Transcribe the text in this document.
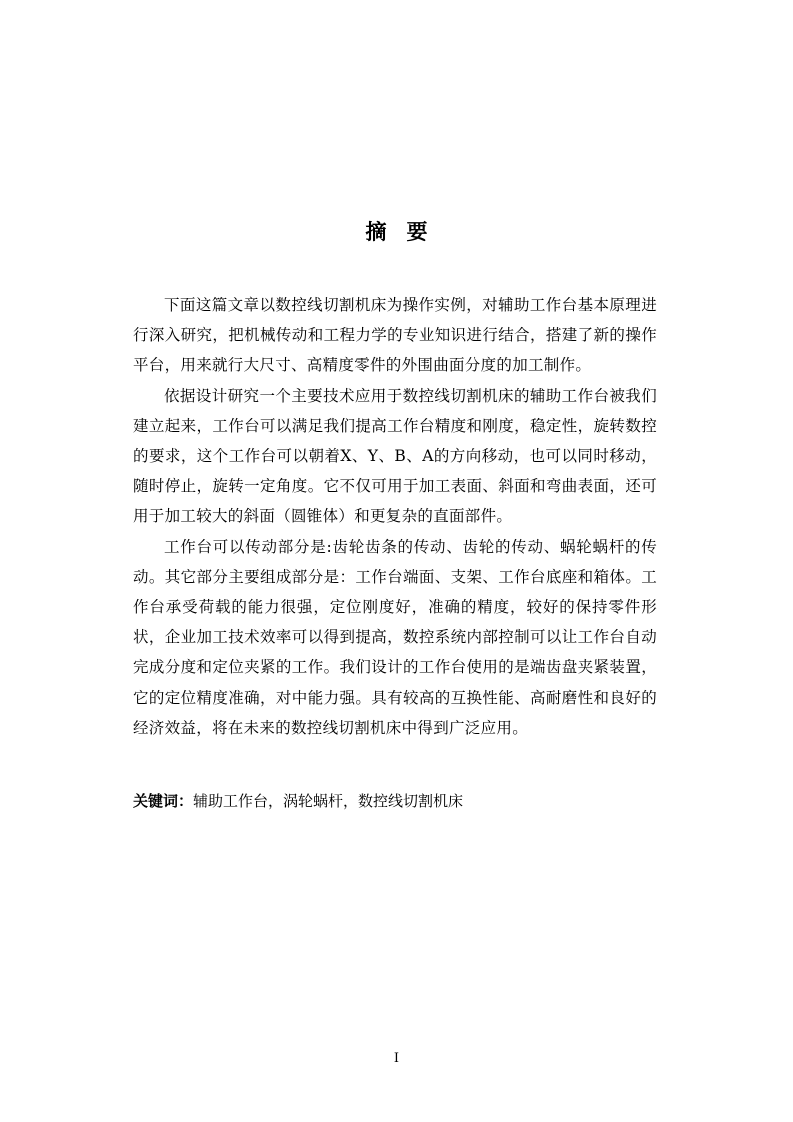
摘要

下面这篇文章以数控线切割机床为操作实例，对辅助工作台基本原理进行深入研究，把机械传动和工程力学的专业知识进行结合，搭建了新的操作平台，用来就行大尺寸、高精度零件的外围曲面分度的加工制作。

依据设计研究一个主要技术应用于数控线切割机床的辅助工作台被我们建立起来，工作台可以满足我们提高工作台精度和刚度，稳定性，旋转数控的要求，这个工作台可以朝着X、Y、B、A的方向移动，也可以同时移动，随时停止，旋转一定角度。它不仅可用于加工表面、斜面和弯曲表面，还可用于加工较大的斜面（圆锥体）和更复杂的直面部件。

工作台可以传动部分是:齿轮齿条的传动、齿轮的传动、蜗轮蜗杆的传动。其它部分主要组成部分是：工作台端面、支架、工作台底座和箱体。工作台承受荷载的能力很强，定位刚度好，准确的精度，较好的保持零件形状，企业加工技术效率可以得到提高，数控系统内部控制可以让工作台自动完成分度和定位夹紧的工作。我们设计的工作台使用的是端齿盘夹紧装置，它的定位精度准确，对中能力强。具有较高的互换性能、高耐磨性和良好的经济效益，将在未来的数控线切割机床中得到广泛应用。

关键词：辅助工作台，涡轮蜗杆，数控线切割机床

I
